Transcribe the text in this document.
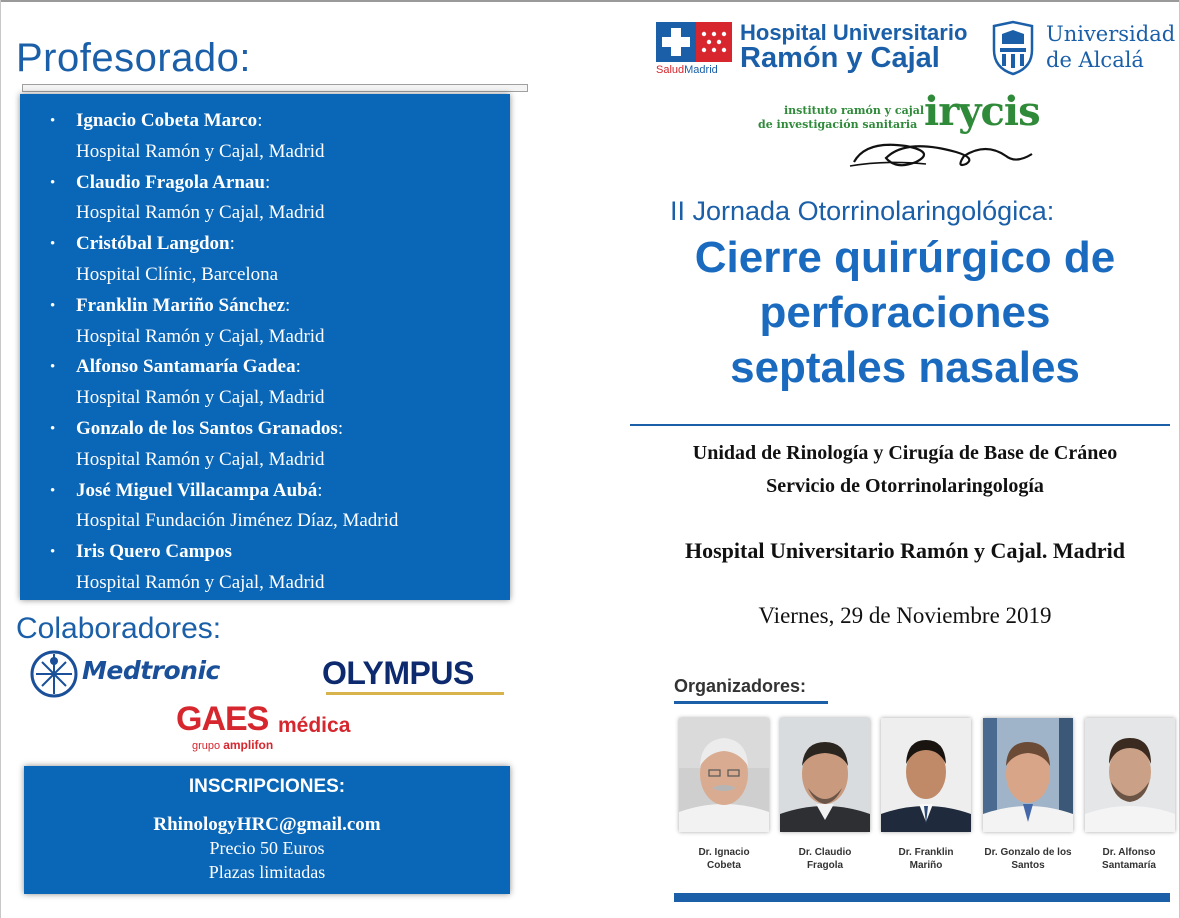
Profesorado:
• Ignacio Cobeta Marco:
Hospital Ramón y Cajal, Madrid
• Claudio Fragola Arnau:
Hospital Ramón y Cajal, Madrid
• Cristóbal Langdon:
Hospital Clínic, Barcelona
• Franklin Mariño Sánchez:
Hospital Ramón y Cajal, Madrid
• Alfonso Santamaría Gadea:
Hospital Ramón y Cajal, Madrid
• Gonzalo de los Santos Granados:
Hospital Ramón y Cajal, Madrid
• José Miguel Villacampa Aubá:
Hospital Fundación Jiménez Díaz, Madrid
• Iris Quero Campos
Hospital Ramón y Cajal, Madrid
Colaboradores:
Medtronic	OLYMPUS
GAES médica
grupo amplifon
INSCRIPCIONES:
RhinologyHRC@gmail.com
Precio 50 Euros
Plazas limitadas
SaludMadrid
Hospital Universitario
Ramón y Cajal
Universidad
de Alcalá
instituto ramón y cajal
de investigación sanitaria irycis
II Jornada Otorrinolaringológica:
Cierre quirúrgico de
perforaciones
septales nasales
Unidad de Rinología y Cirugía de Base de Cráneo
Servicio de Otorrinolaringología
Hospital Universitario Ramón y Cajal. Madrid
Viernes, 29 de Noviembre 2019
Organizadores:
Dr. Ignacio
Cobeta
Dr. Claudio
Fragola
Dr. Franklin
Mariño
Dr. Gonzalo de los
Santos
Dr. Alfonso
Santamaría
